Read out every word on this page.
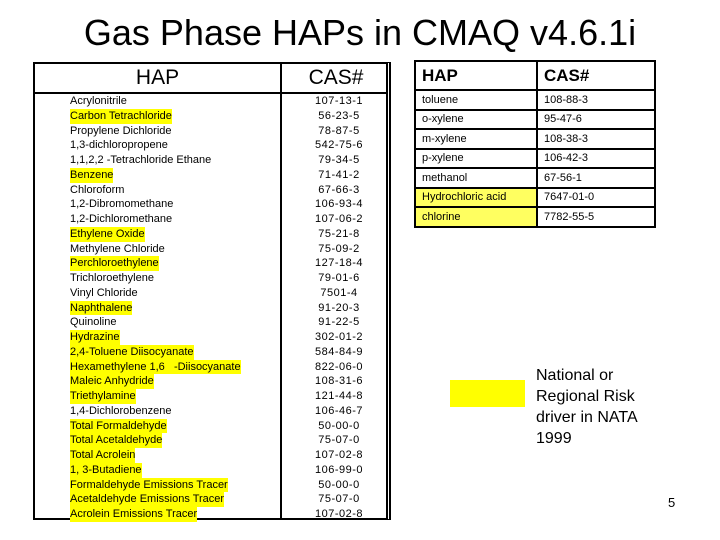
Gas Phase HAPs in CMAQ v4.6.1i
HAP	CAS#
Acrylonitrile	107-13-1
Carbon Tetrachloride	56-23-5
Propylene Dichloride	78-87-5
1,3-dichloropropene	542-75-6
1,1,2,2 -Tetrachloride Ethane	79-34-5
Benzene	71-41-2
Chloroform	67-66-3
1,2-Dibromomethane	106-93-4
1,2-Dichloromethane	107-06-2
Ethylene Oxide	75-21-8
Methylene Chloride	75-09-2
Perchloroethylene	127-18-4
Trichloroethylene	79-01-6
Vinyl Chloride	7501-4
Naphthalene	91-20-3
Quinoline	91-22-5
Hydrazine	302-01-2
2,4-Toluene Diisocyanate	584-84-9
Hexamethylene 1,6   -Diisocyanate	822-06-0
Maleic Anhydride	108-31-6
Triethylamine	121-44-8
1,4-Dichlorobenzene	106-46-7
Total Formaldehyde	50-00-0
Total Acetaldehyde	75-07-0
Total Acrolein	107-02-8
1, 3-Butadiene	106-99-0
Formaldehyde Emissions Tracer	50-00-0
Acetaldehyde Emissions Tracer	75-07-0
Acrolein Emissions Tracer	107-02-8
HAP	CAS#
toluene	108-88-3
o-xylene	95-47-6
m-xylene	108-38-3
p-xylene	106-42-3
methanol	67-56-1
Hydrochloric acid	7647-01-0
chlorine	7782-55-5
National or Regional Risk driver in NATA 1999
5
